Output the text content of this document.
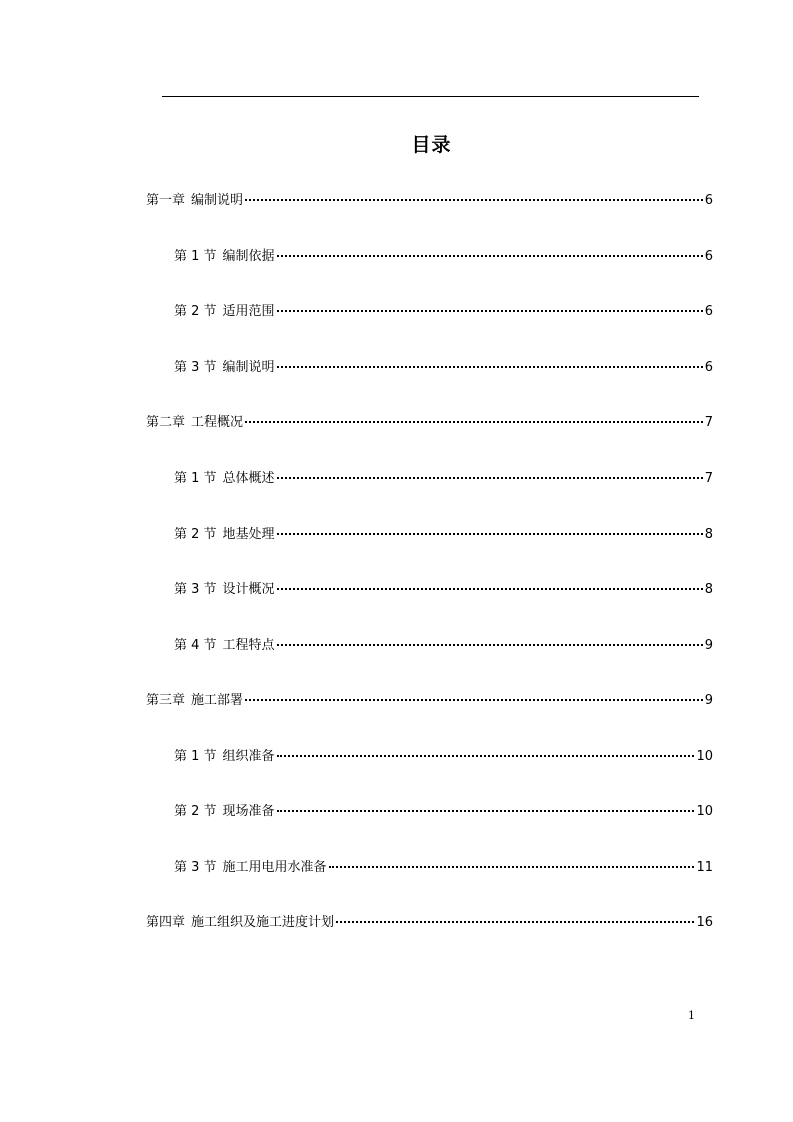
目录
第一章 编制说明	6
第 1 节 编制依据	6
第 2 节 适用范围	6
第 3 节 编制说明	6
第二章 工程概况	7
第 1 节 总体概述	7
第 2 节 地基处理	8
第 3 节 设计概况	8
第 4 节 工程特点	9
第三章 施工部署	9
第 1 节 组织准备	10
第 2 节 现场准备	10
第 3 节 施工用电用水准备	11
第四章 施工组织及施工进度计划	16
1
